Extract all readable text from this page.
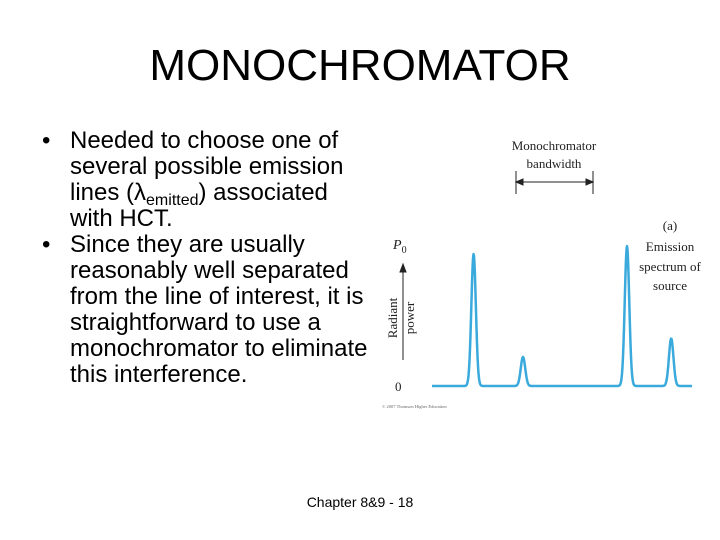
MONOCHROMATOR
• Needed to choose one of several possible emission lines $(\lambda_{emitted})$ associated with HCT.
• Since they are usually reasonably well separated from the line of interest, it is straightforward to use a monochromator to eliminate this interference.
Monochromator
bandwidth
(a)
Emission
spectrum of
source
$P_0$
Radiant power
0
© 2007 Thomson Higher Education
Chapter 8&9 - 18
